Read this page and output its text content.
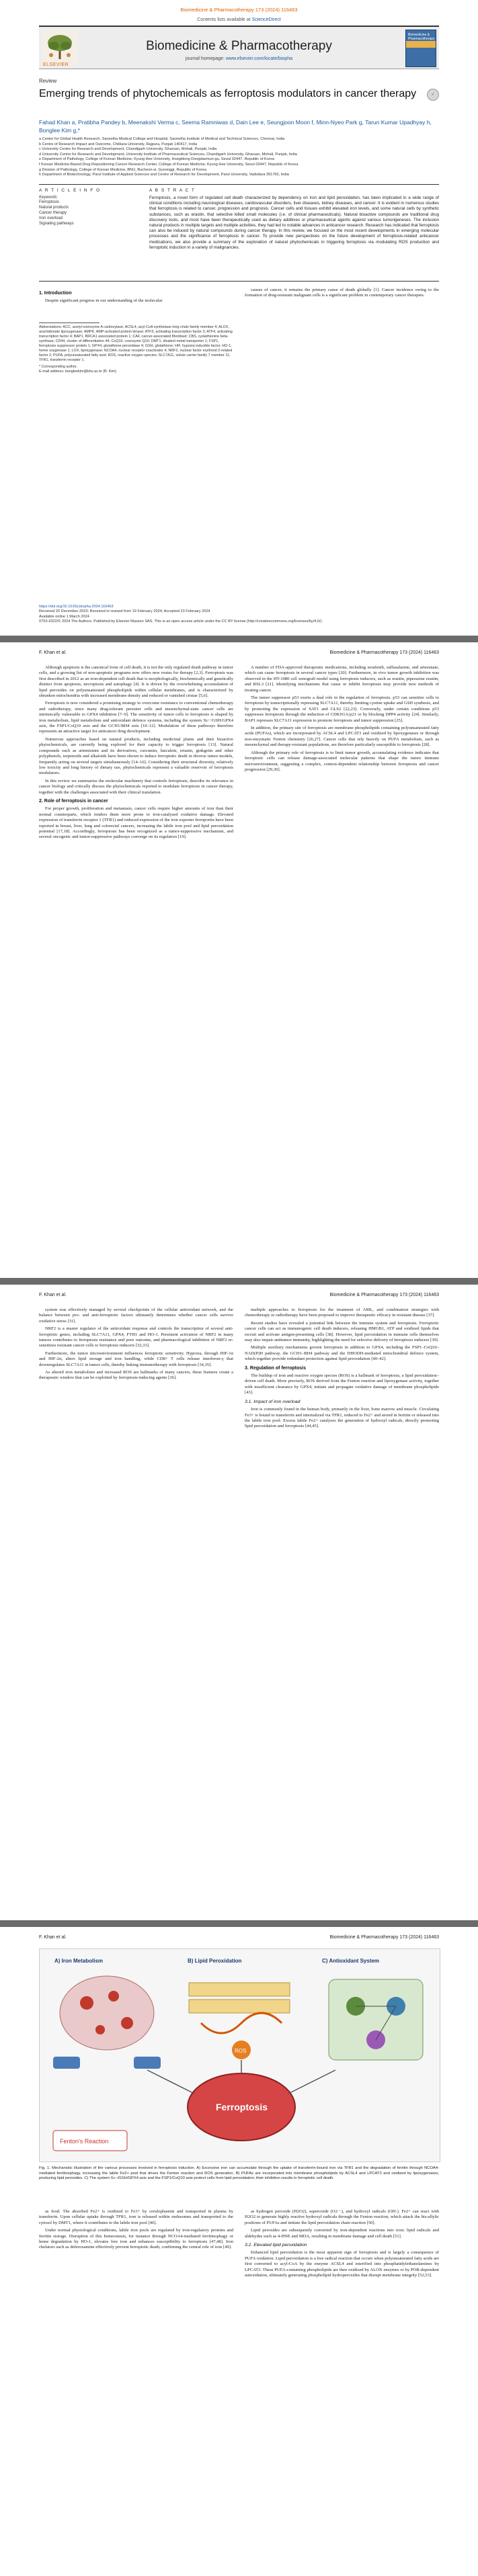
Biomedicine & Pharmacotherapy 173 (2024) 116463
Contents lists available at ScienceDirect
ELSEVIER
Biomedicine & Pharmacotherapy
journal homepage: www.elsevier.com/locate/biopha
Biomedicine & Pharmacotherapy
Review
Emerging trends of phytochemicals as ferroptosis modulators in cancer therapy	✓
Fahad Khan a, Pratibha Pandey b, Meenakshi Verma c, Seema Ramniwas d, Dain Lee e, Seungjoon Moon f, Minn-Nyeo Park g, Tarun Kumar Upadhyay h, Bonglee Kim g,*
a Center for Global Health Research, Saveetha Medical College and Hospital, Saveetha Institute of Medical and Technical Sciences, Chennai, India
b Centre of Research Impact and Outcome, Chitkara University, Rajpura, Punjab 140417, India
c University Centre for Research and Development, Chandigarh University, Gharuan, Mohali, Punjab, India
d University Centre for Research and Development, University Institute of Pharmaceutical Sciences, Chandigarh University, Gharuan, Mohali, Punjab, India
e Department of Pathology, College of Korean Medicine, Kyung Hee University, Hoegidong Dongdaemun-gu, Seoul 02447, Republic of Korea
f Korean Medicine-Based Drug Repositioning Cancer Research Center, College of Korean Medicine, Kyung Hee University, Seoul 02447, Republic of Korea
g Division of Pathology, College of Korean Medicine, BNU, Bucheon-si, Gyeonggi, Republic of Korea
h Department of Biotechnology, Parul Institute of Applied Sciences and Centre of Research for Development, Parul University, Vadodara 391760, India
A R T I C L E I N F O
Keywords:
Ferroptosis
Natural products
Cancer therapy
Iron overload
Signaling pathways
A B S T R A C T
Ferroptosis, a novel form of regulated cell death characterized by dependency on iron and lipid peroxidation, has been implicated in a wide range of clinical conditions including neurological diseases, cardiovascular disorders, liver diseases, kidney diseases, and cancer. It is evident in numerous studies that ferroptosis is related to cancer, progression and prognosis. Cancer cells and tissues exhibit elevated iron levels, and some natural cells by synthetic substances, such as erastin, that selective killed small molecules (i.e. of clinical pharmaceuticals). Natural bioactive compounds are traditional drug discovery tools, and most have been therapeutically used as dietary additives or pharmaceutical agents against various tumorigeneses. The inclusion natural products in multiple targets and multiple activities, they had led to notable advances in anticancer research. Research has indicated that ferroptosis can also be induced by natural compounds during cancer therapy. In this review, we focused on the most recent developments in emerging molecular processes and the significance of ferroptosis in cancer. To provide new perspectives on the future development of ferroptosis-related anticancer medications, we also provide a summary of the exploration of natural phytochemicals in triggering ferroptosis via modulating ROS production and ferroptotic induction in a variety of malignancies.
1. Introduction

Despite significant progress in our understanding of the molecular

causes of cancer, it remains the primary cause of death globally [1]. Cancer incidence owing to the formation of drug-resistant malignant cells is a significant problem in contemporary cancer therapies.

Abbreviations: ACC, acetyl-coenzyme A carboxylase; ACSL4, acyl-CoA synthetase long chain family member 4; ALOX, arachidonate lipoxygenase; AMPK, AMP-activated protein kinase; ATF3, activating transcription factor 3; ATF4, activating transcription factor 4; BAP1, BRCA1 associated protein 1; CAF, cancer-associated fibroblast; CBS, cystathionine beta-synthase; CD44, cluster of differentiation 44; CoQ10, coenzyme Q10; DMT1, divalent metal transporter 1; FSP1, ferroptosis suppressor protein 1; GPX4, glutathione peroxidase 4; GSH, glutathione; HIF, hypoxia inducible factor; HO-1, heme oxygenase 1; LOX, lipoxygenase; NCOA4, nuclear receptor coactivator 4; NRF2, nuclear factor erythroid 2-related factor 2; PUFA, polyunsaturated fatty acid; ROS, reactive oxygen species; SLC7A11, solute carrier family 7 member 11; TFR1, transferrin receptor 1.
* Corresponding author.
E-mail address: bongleekim@khu.ac.kr (B. Kim).
https://doi.org/10.1016/j.biopha.2024.116463
Received 20 December 2023; Received in revised form 19 February 2024; Accepted 23 February 2024
Available online 1 March 2024
0753-3322/© 2024 The Authors. Published by Elsevier Masson SAS. This is an open access article under the CC BY license (http://creativecommons.org/licenses/by/4.0/).
F. Khan et al.	Biomedicine & Pharmacotherapy 173 (2024) 116463

Although apoptosis is the canonical form of cell death, it is not the only regulated death pathway in tumor cells, and a growing list of non-apoptotic programs now offers new routes for therapy [2,3]. Ferroptosis was first described in 2012 as an iron-dependent cell death that is morphologically, biochemically and genetically distinct from apoptosis, necroptosis and autophagy [4]. It is driven by the overwhelming accumulation of lipid peroxides on polyunsaturated phospholipids within cellular membranes, and is characterized by shrunken mitochondria with increased membrane density and reduced or vanished cristae [5,6].

Ferroptosis is now considered a promising strategy to overcome resistance to conventional chemotherapy and radiotherapy, since many drug-tolerant persister cells and mesenchymal-state cancer cells are intrinsically vulnerable to GPX4 inhibition [7–9]. The sensitivity of tumor cells to ferroptosis is shaped by iron metabolism, lipid metabolism and antioxidant defence systems, including the system Xc−/GSH/GPX4 axis, the FSP1/CoQ10 axis and the GCH1/BH4 axis [10–12]. Modulation of these pathways therefore represents an attractive target for anticancer drug development.

Numerous approaches based on natural products, including medicinal plants and their bioactive phytochemicals, are currently being explored for their capacity to trigger ferroptosis [13]. Natural compounds such as artemisinin and its derivatives, curcumin, baicalein, erianin, ginkgetin and other polyphenols, terpenoids and alkaloids have been shown to induce ferroptotic death in diverse tumor models, frequently acting on several targets simultaneously [14–16]. Considering their structural diversity, relatively low toxicity and long history of dietary use, phytochemicals represent a valuable reservoir of ferroptosis modulators.

In this review we summarize the molecular machinery that controls ferroptosis, describe its relevance in cancer biology and critically discuss the phytochemicals reported to modulate ferroptosis in cancer therapy, together with the challenges associated with their clinical translation.

2. Role of ferroptosis in cancer

For proper growth, proliferation and metastasis, cancer cells require higher amounts of iron than their normal counterparts, which renders them more prone to iron-catalysed oxidative damage. Elevated expression of transferrin receptor 1 (TFR1) and reduced expression of the iron exporter ferroportin have been reported in breast, liver, lung and colorectal cancers, increasing the labile iron pool and lipid peroxidation potential [17,18]. Accordingly, ferroptosis has been recognized as a tumor-suppressive mechanism, and several oncogenic and tumor-suppressive pathways converge on its regulators [19].

A number of FDA-approved therapeutic medications, including sorafenib, sulfasalazine, and artesunate, which can cause ferroptosis in several cancer types [20]. Furthermore, in vivo tumor growth inhibition was observed in the HT-1080 cell xenograft model using ferroptosis inducers, such as erastin, piperazine erastin, and RSL3 [21]. Identifying mechanisms that cause or inhibit ferroptosis may provide new methods of treating cancer.

The tumor suppressor p53 exerts a dual role in the regulation of ferroptosis. p53 can sensitize cells to ferroptosis by transcriptionally repressing SLC7A11, thereby limiting cystine uptake and GSH synthesis, and by promoting the expression of SAT1 and GLS2 [22,23]. Conversely, under certain conditions p53 suppresses ferroptosis through the induction of CDKN1A/p21 or by blocking DPP4 activity [24]. Similarly, BAP1 represses SLC7A11 expression to promote ferroptosis and tumor suppression [25].

In addition, the primary site of ferroptosis are membrane phospholipids containing polyunsaturated fatty acids (PUFAs), which are incorporated by ACSL4 and LPCAT3 and oxidized by lipoxygenases or through non-enzymatic Fenton chemistry [26,27]. Cancer cells that rely heavily on PUFA metabolism, such as mesenchymal and therapy-resistant populations, are therefore particularly susceptible to ferroptosis [28].

Although the primary role of ferroptosis is to limit tumor growth, accumulating evidence indicates that ferroptotic cells can release damage-associated molecular patterns that shape the tumor immune microenvironment, suggesting a complex, context-dependent relationship between ferroptosis and cancer progression [29,30].

F. Khan et al.	Biomedicine & Pharmacotherapy 173 (2024) 116463

system was effectively managed by several checkpoints of the cellular antioxidant network, and the balance between pro- and anti-ferroptotic factors ultimately determines whether cancer cells survive oxidative stress [31].

NRF2 is a master regulator of the antioxidant response and controls the transcription of several anti-ferroptotic genes, including SLC7A11, GPX4, FTH1 and HO-1. Persistent activation of NRF2 in many tumors contributes to ferroptosis resistance and poor outcome, and pharmacological inhibition of NRF2 re-sensitizes resistant cancer cells to ferroptosis inducers [32,33].

Furthermore, the tumor microenvironment influences ferroptotic sensitivity. Hypoxia, through HIF-1α and HIF-2α, alters lipid storage and iron handling, while CD8+ T cells release interferon-γ that downregulates SLC7A11 in tumor cells, thereby linking immunotherapy with ferroptosis [34,35].

As altered iron metabolism and increased ROS are hallmarks of many cancers, these features create a therapeutic window that can be exploited by ferroptosis-inducing agents [36].

multiple approaches to ferroptosis for the treatment of AML, and combination strategies with chemotherapy or radiotherapy have been proposed to improve therapeutic efficacy in resistant disease [37].

Recent studies have revealed a potential link between the immune system and ferroptosis. Ferroptotic cancer cells can act as immunogenic cell death inducers, releasing HMGB1, ATP and oxidized lipids that recruit and activate antigen-presenting cells [38]. However, lipid peroxidation in immune cells themselves may also impair antitumor immunity, highlighting the need for selective delivery of ferroptosis inducers [39].

Multiple auxiliary mechanisms govern ferroptosis in addition to GPX4, including the FSP1–CoQ10–NAD(P)H pathway, the GCH1–BH4 pathway and the DHODH-mediated mitochondrial defence system, which together provide redundant protection against lipid peroxidation [40–42].

3. Regulation of ferroptosis

The buildup of iron and reactive oxygen species (ROS) is a hallmark of ferroptosis, a lipid peroxidation–driven cell death. More precisely, ROS derived from the Fenton reaction and lipoxygenase activity, together with insufficient clearance by GPX4, initiate and propagate oxidative damage of membrane phospholipids [43].

3.1. Impact of iron overload

Iron is commonly found in the human body, primarily in the liver, bone marrow and muscle. Circulating Fe3+ is bound to transferrin and internalized via TFR1, reduced to Fe2+ and stored in ferritin or released into the labile iron pool. Excess labile Fe2+ catalyzes the generation of hydroxyl radicals, directly promoting lipid peroxidation and ferroptosis [44,45].

F. Khan et al.	Biomedicine & Pharmacotherapy 173 (2024) 116463
A) Iron Metabolism	B) Lipid Peroxidation
ROS
C) Antioxidant System
Ferroptosis
Fenton's Reaction
Fig. 1. Mechanistic illustration of the various processes involved in ferroptosis induction. A) Excessive iron can accumulate through the uptake of transferrin-bound iron via TFR1 and the degradation of ferritin through NCOA4-mediated ferritinophagy, increasing the labile Fe2+ pool that drives the Fenton reaction and ROS generation. B) PUFAs are incorporated into membrane phospholipids by ACSL4 and LPCAT3 and oxidized by lipoxygenases, producing lipid peroxides. C) The system Xc−/GSH/GPX4 axis and the FSP1/CoQ10 axis protect cells from lipid peroxidation; their inhibition results in ferroptotic cell death.

as food. The absorbed Fe2+ is oxidized to Fe3+ by ceruloplasmin and transported in plasma by transferrin. Upon cellular uptake through TFR1, iron is released within endosomes and transported to the cytosol by DMT1, where it contributes to the labile iron pool [46].

Under normal physiological conditions, labile iron pools are regulated by iron-regulatory proteins and ferritin storage. Disruption of this homeostasis, for instance through NCOA4-mediated ferritinophagy or heme degradation by HO-1, elevates free iron and enhances susceptibility to ferroptosis [47,48]. Iron chelators such as deferoxamine effectively prevent ferroptotic death, confirming the central role of iron [49].

as hydrogen peroxide (H2O2), superoxide (O2·−), and hydroxyl radicals (OH·). Fe2+ can react with H2O2 to generate highly reactive hydroxyl radicals through the Fenton reaction, which attack the bis-allylic positions of PUFAs and initiate the lipid peroxidation chain reaction [50].

Lipid peroxides are subsequently converted by iron-dependent reactions into toxic lipid radicals and aldehydes such as 4-HNE and MDA, resulting in membrane damage and cell death [51].

3.2. Elevated lipid peroxidation

Enhanced lipid peroxidation is the most apparent sign of ferroptosis and is largely a consequence of PUFA oxidation. Lipid peroxidation is a free radical reaction that occurs when polyunsaturated fatty acids are first converted to acyl-CoA by the enzyme ACSL4 and esterified into phosphatidylethanolamines by LPCAT3. These PUFA-containing phospholipids are then oxidized by ALOX enzymes or by POR-dependent autoxidation, ultimately generating phospholipid hydroperoxides that disrupt membrane integrity [52,53].
